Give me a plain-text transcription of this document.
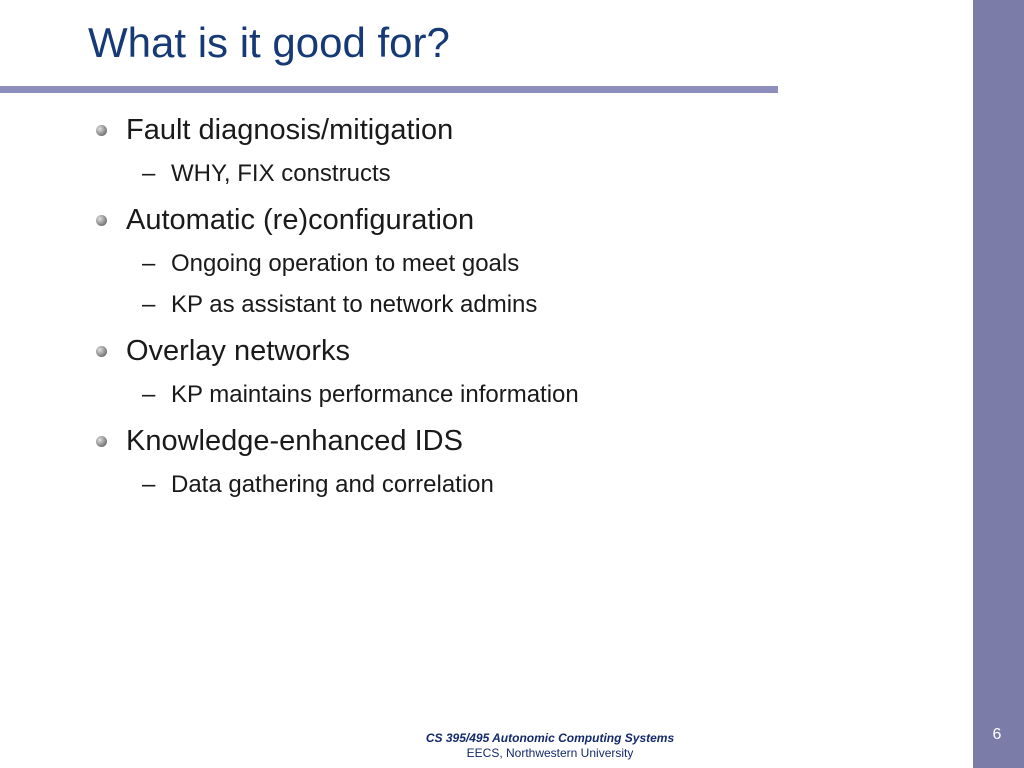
What is it good for?
Fault diagnosis/mitigation
– WHY, FIX constructs
Automatic (re)configuration
– Ongoing operation to meet goals
– KP as assistant to network admins
Overlay networks
– KP maintains performance information
Knowledge-enhanced IDS
– Data gathering and correlation
CS 395/495 Autonomic Computing Systems
EECS, Northwestern University
6
